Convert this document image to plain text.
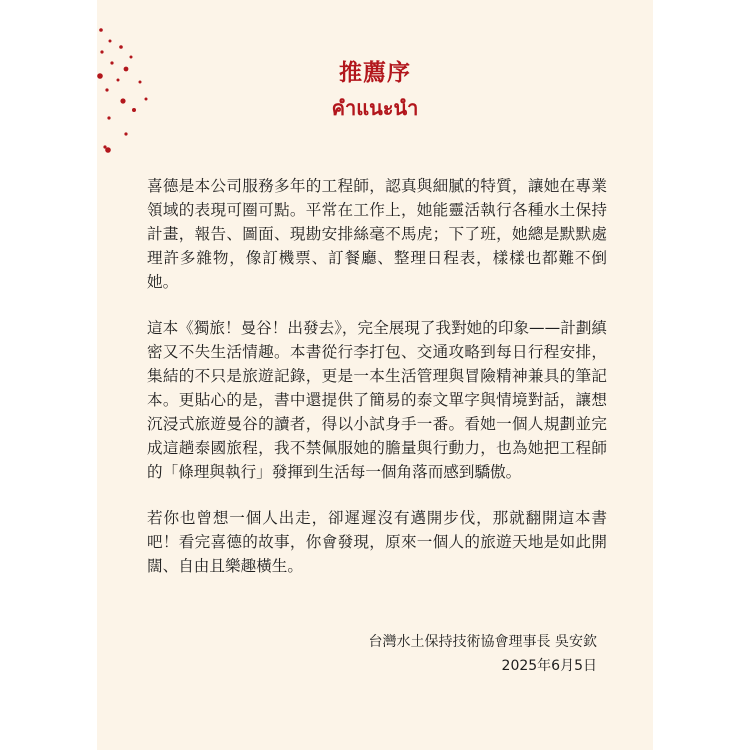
推薦序
คำแนะนำ

喜德是本公司服務多年的工程師，認真與細膩的特質，讓她在專業領域的表現可圈可點。平常在工作上，她能靈活執行各種水土保持計畫，報告、圖面、現勘安排絲毫不馬虎；下了班，她總是默默處理許多雜物，像訂機票、訂餐廳、整理日程表，樣樣也都難不倒她。

這本《獨旅！曼谷！出發去》，完全展現了我對她的印象——計劃縝密又不失生活情趣。本書從行李打包、交通攻略到每日行程安排，集結的不只是旅遊記錄，更是一本生活管理與冒險精神兼具的筆記本。更貼心的是，書中還提供了簡易的泰文單字與情境對話，讓想沉浸式旅遊曼谷的讀者，得以小試身手一番。看她一個人規劃並完成這趟泰國旅程，我不禁佩服她的膽量與行動力，也為她把工程師的「條理與執行」發揮到生活每一個角落而感到驕傲。

若你也曾想一個人出走，卻遲遲沒有邁開步伐，那就翻開這本書吧！看完喜德的故事，你會發現，原來一個人的旅遊天地是如此開闊、自由且樂趣橫生。

台灣水土保持技術協會理事長 吳安欽
2025年6月5日
